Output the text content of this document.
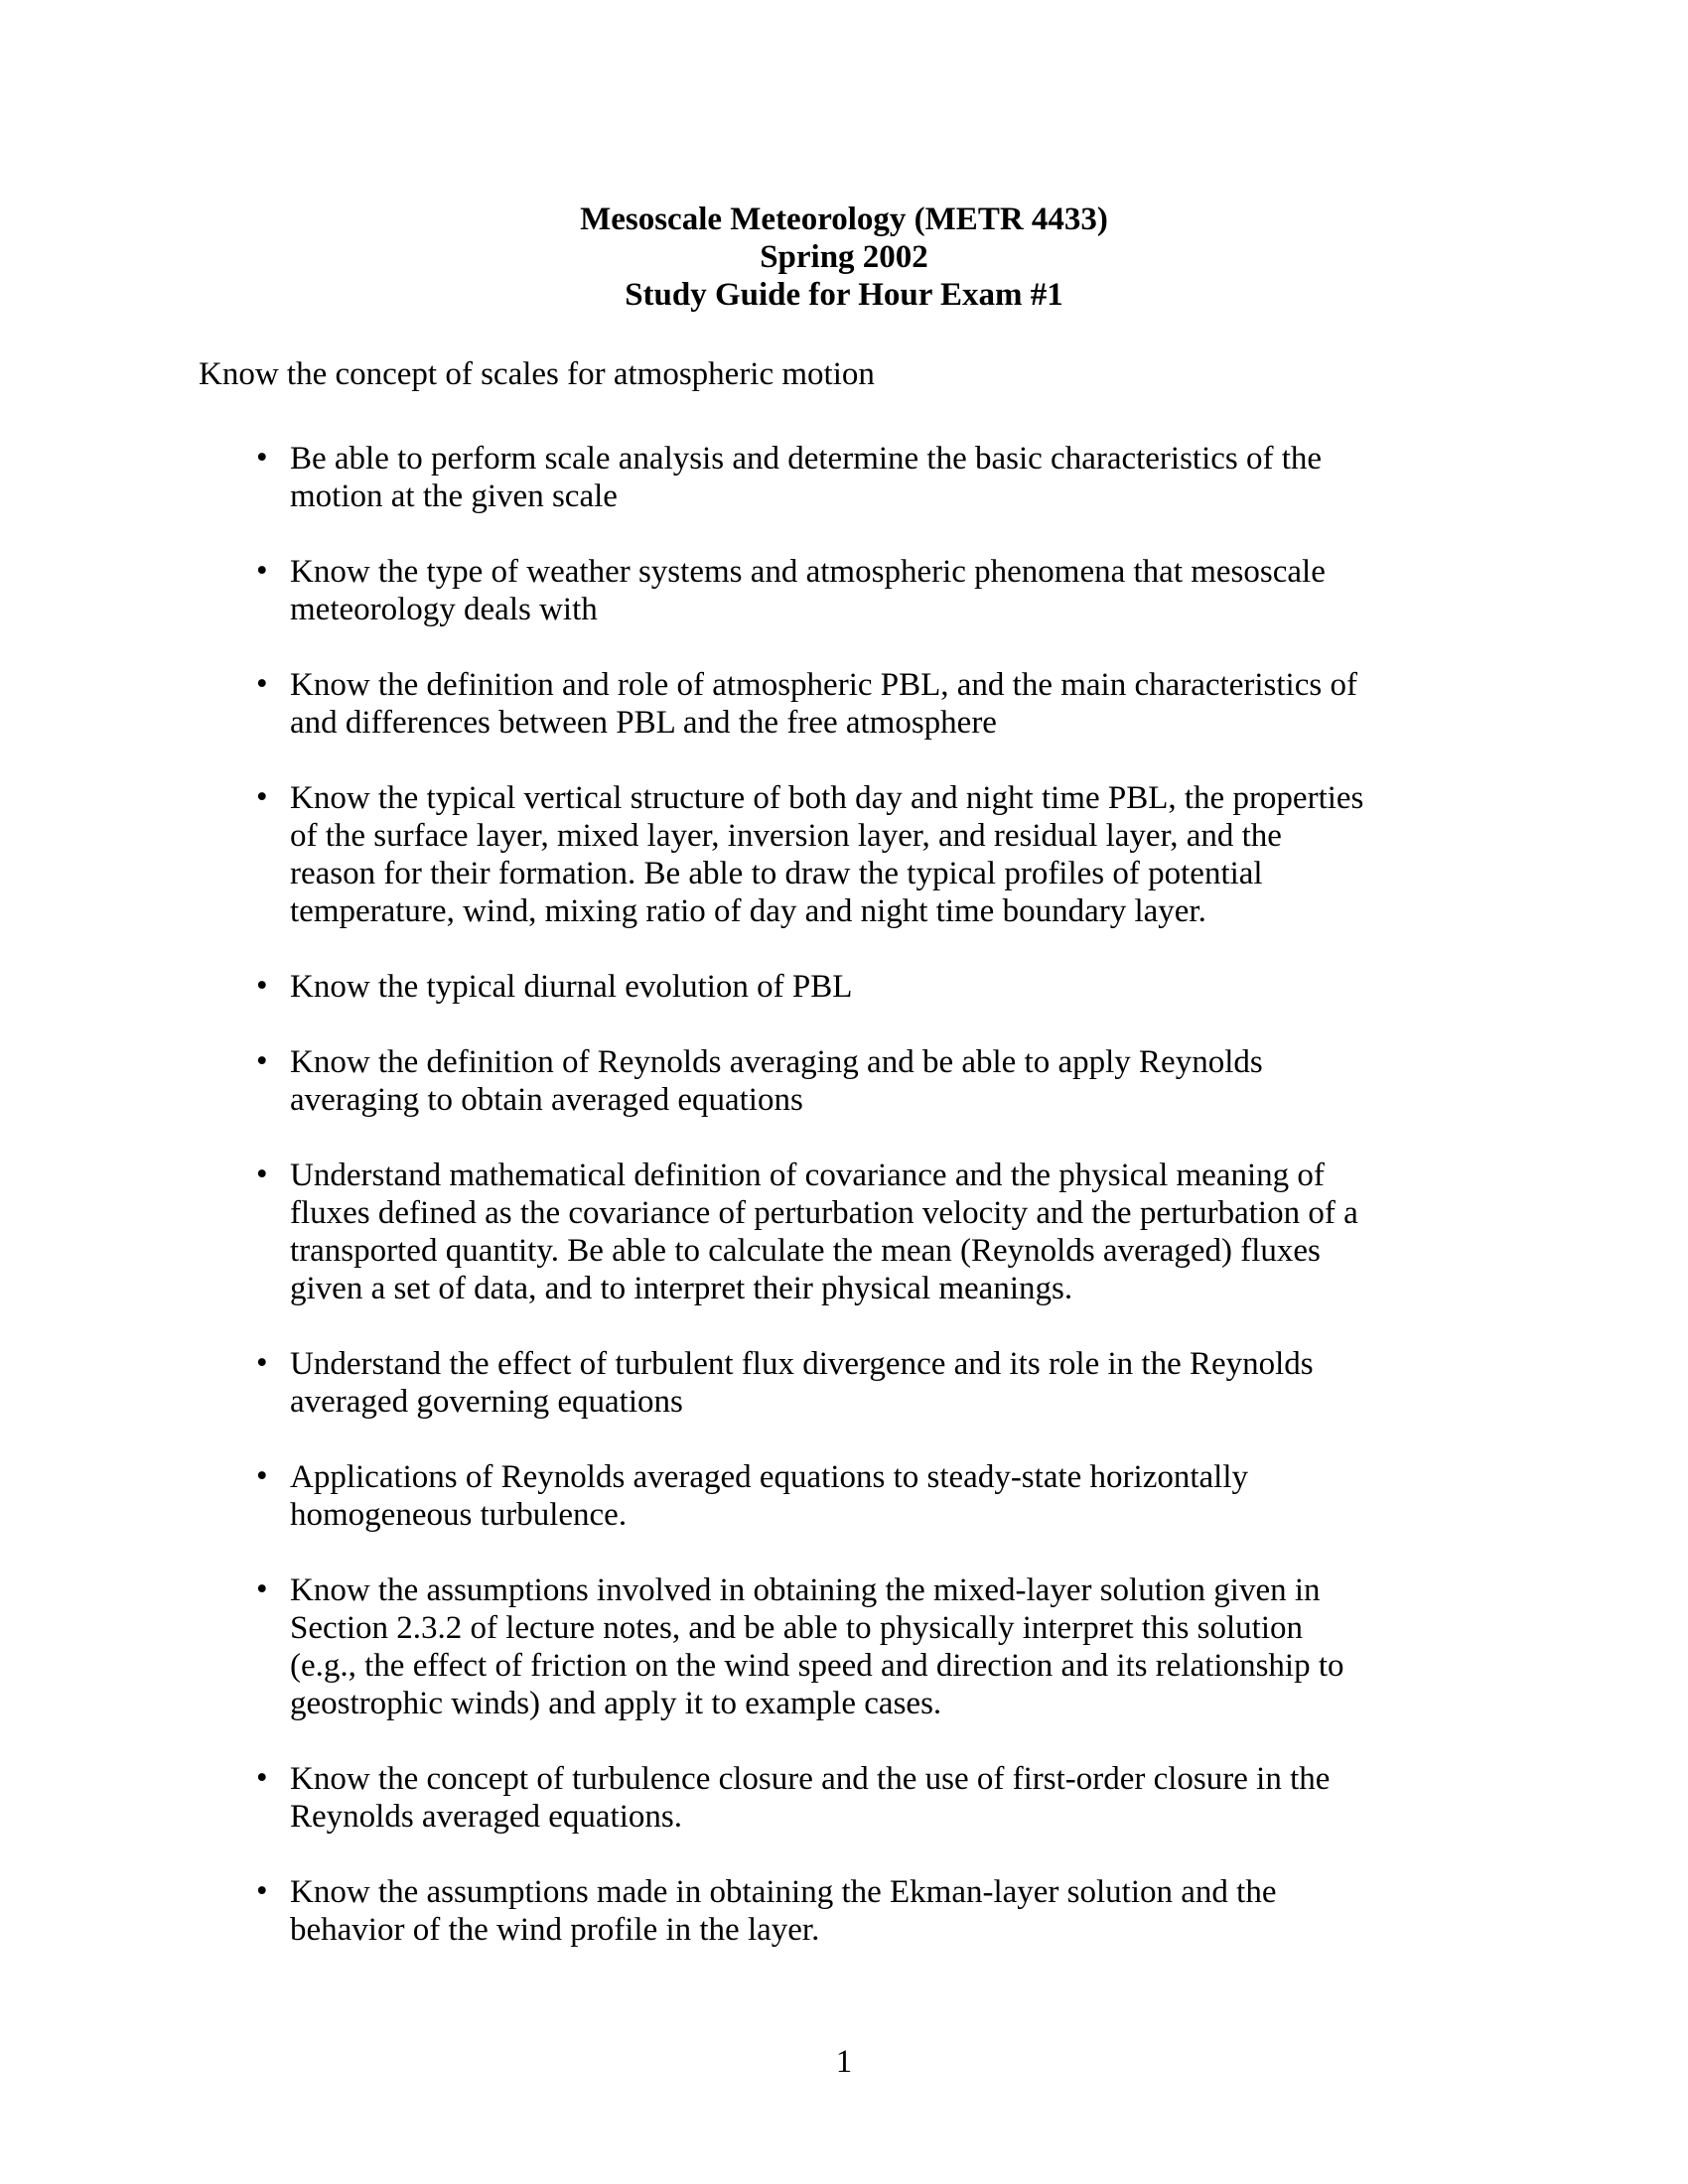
Mesoscale Meteorology (METR 4433)
Spring 2002
Study Guide for Hour Exam #1
Know the concept of scales for atmospheric motion
• Be able to perform scale analysis and determine the basic characteristics of the
motion at the given scale
• Know the type of weather systems and atmospheric phenomena that mesoscale
meteorology deals with
• Know the definition and role of atmospheric PBL, and the main characteristics of
and differences between PBL and the free atmosphere
• Know the typical vertical structure of both day and night time PBL, the properties
of the surface layer, mixed layer, inversion layer, and residual layer, and the
reason for their formation. Be able to draw the typical profiles of potential
temperature, wind, mixing ratio of day and night time boundary layer.
• Know the typical diurnal evolution of PBL
• Know the definition of Reynolds averaging and be able to apply Reynolds
averaging to obtain averaged equations
• Understand mathematical definition of covariance and the physical meaning of
fluxes defined as the covariance of perturbation velocity and the perturbation of a
transported quantity. Be able to calculate the mean (Reynolds averaged) fluxes
given a set of data, and to interpret their physical meanings.
• Understand the effect of turbulent flux divergence and its role in the Reynolds
averaged governing equations
• Applications of Reynolds averaged equations to steady-state horizontally
homogeneous turbulence.
• Know the assumptions involved in obtaining the mixed-layer solution given in
Section 2.3.2 of lecture notes, and be able to physically interpret this solution
(e.g., the effect of friction on the wind speed and direction and its relationship to
geostrophic winds) and apply it to example cases.
• Know the concept of turbulence closure and the use of first-order closure in the
Reynolds averaged equations.
• Know the assumptions made in obtaining the Ekman-layer solution and the
behavior of the wind profile in the layer.
1
